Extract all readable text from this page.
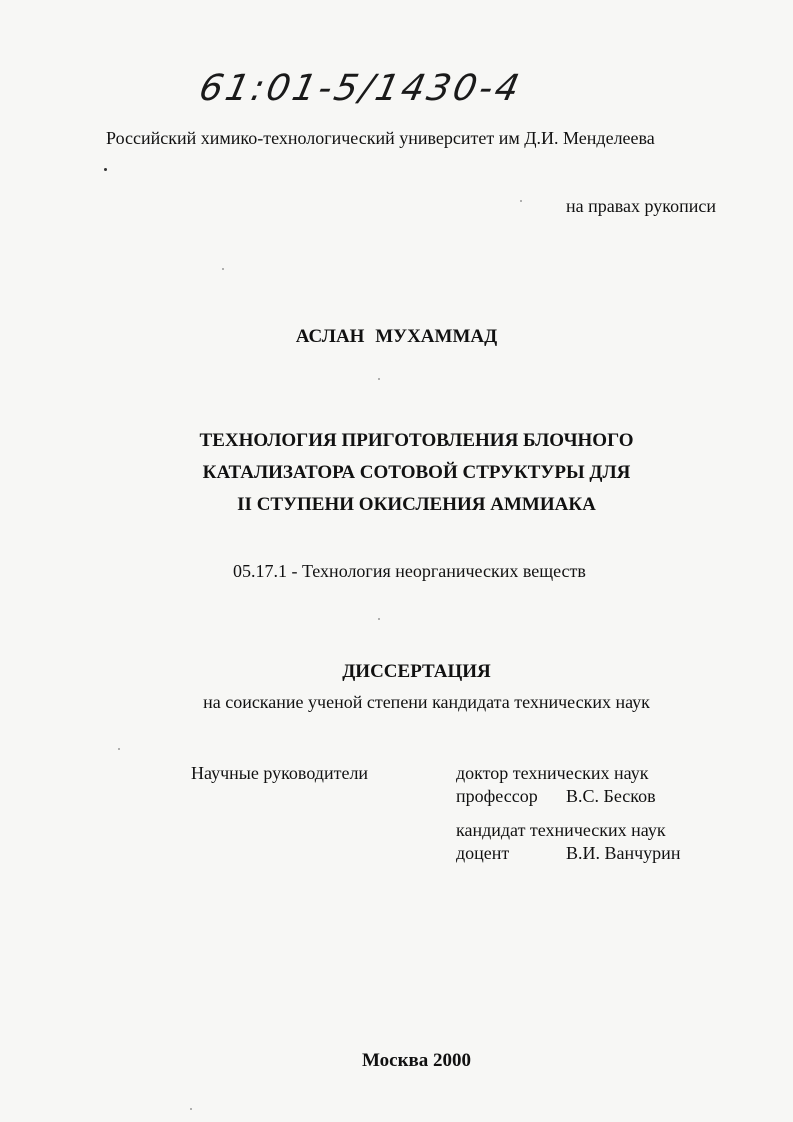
61:01-5/1430-4
Российский химико-технологический университет им Д.И. Менделеева
на правах рукописи
АСЛАН МУХАММАД
ТЕХНОЛОГИЯ ПРИГОТОВЛЕНИЯ БЛОЧНОГО
КАТАЛИЗАТОРА СОТОВОЙ СТРУКТУРЫ ДЛЯ
II СТУПЕНИ ОКИСЛЕНИЯ АММИАКА
05.17.1 - Технология неорганических веществ
ДИССЕРТАЦИЯ
на соискание ученой степени кандидата технических наук
Научные руководители	доктор технических наук
профессор В.С. Бесков
кандидат технических наук
доцент	В.И. Ванчурин
Москва 2000
